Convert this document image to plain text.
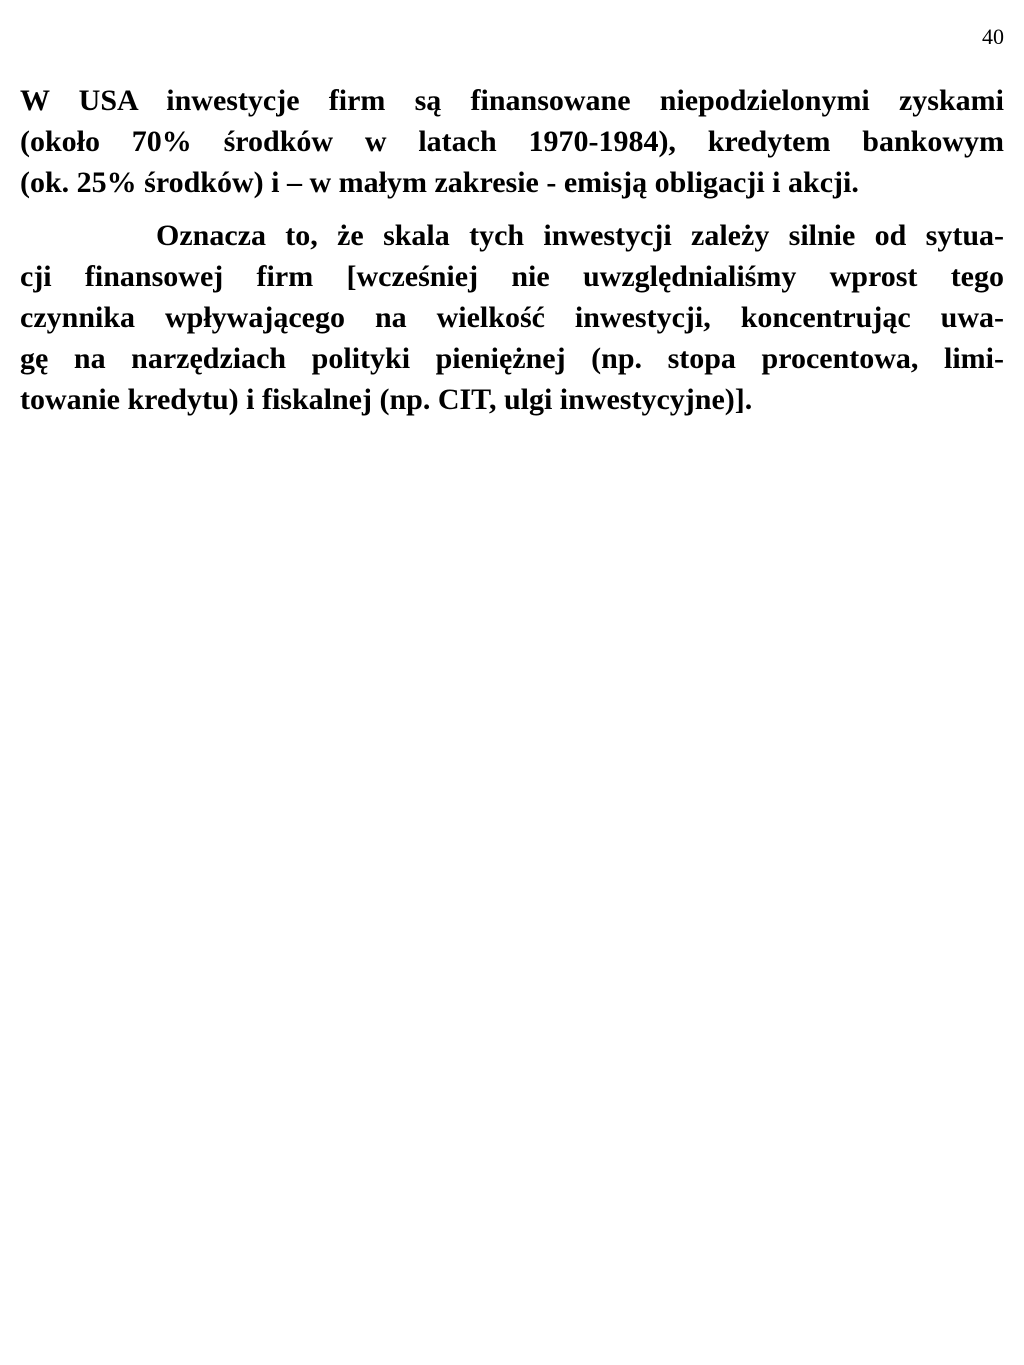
40

W USA inwestycje firm są finansowane niepodzielonymi zyskami
(około 70% środków w latach 1970-1984), kredytem bankowym
(ok. 25% środków) i – w małym zakresie - emisją obligacji i akcji.

Oznacza to, że skala tych inwestycji zależy silnie od sytua-
cji finansowej firm [wcześniej nie uwzględnialiśmy wprost tego
czynnika wpływającego na wielkość inwestycji, koncentrując uwa-
gę na narzędziach polityki pieniężnej (np. stopa procentowa, limi-
towanie kredytu) i fiskalnej (np. CIT, ulgi inwestycyjne)].
